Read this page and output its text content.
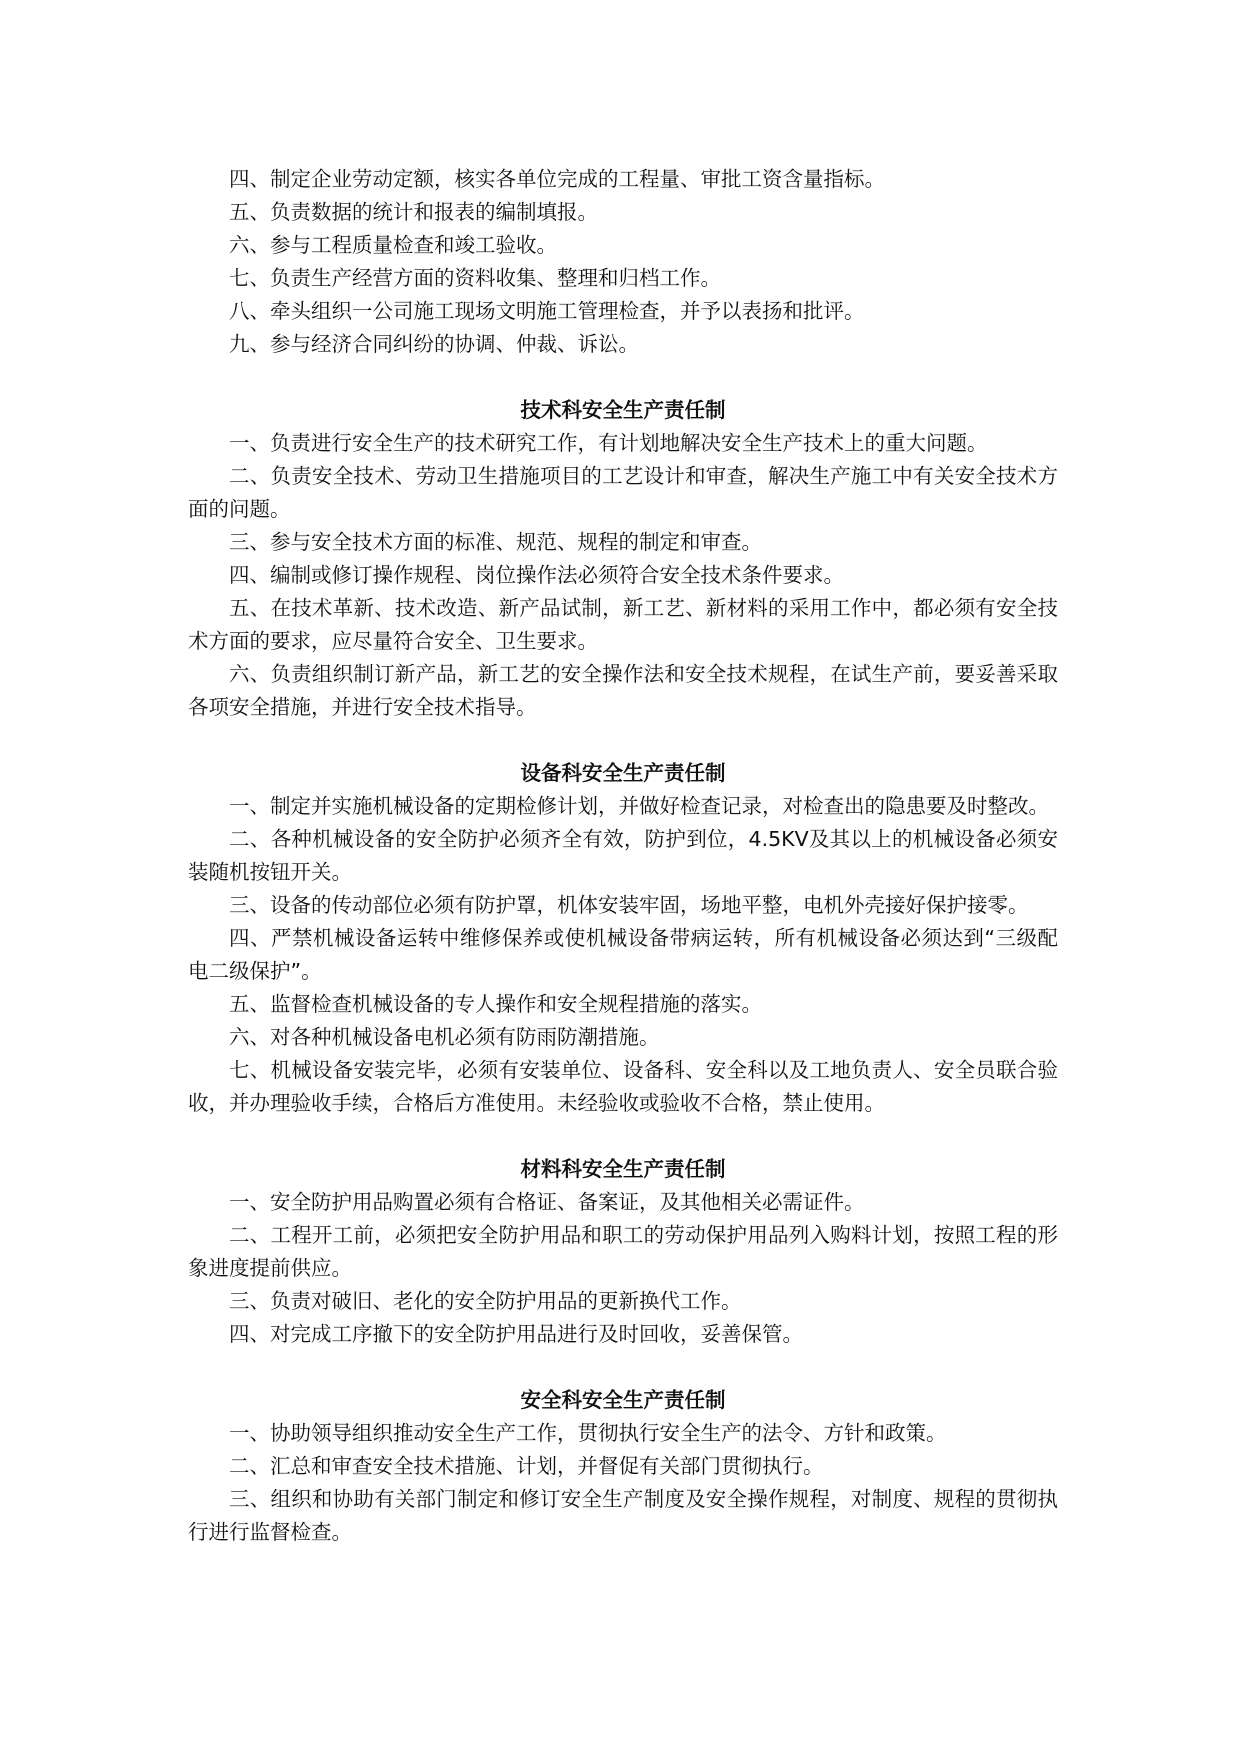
四、制定企业劳动定额，核实各单位完成的工程量、审批工资含量指标。

五、负责数据的统计和报表的编制填报。

六、参与工程质量检查和竣工验收。

七、负责生产经营方面的资料收集、整理和归档工作。

八、牵头组织一公司施工现场文明施工管理检查，并予以表扬和批评。

九、参与经济合同纠纷的协调、仲裁、诉讼。

技术科安全生产责任制

一、负责进行安全生产的技术研究工作，有计划地解决安全生产技术上的重大问题。

二、负责安全技术、劳动卫生措施项目的工艺设计和审查，解决生产施工中有关安全技术方面的问题。

三、参与安全技术方面的标准、规范、规程的制定和审查。

四、编制或修订操作规程、岗位操作法必须符合安全技术条件要求。

五、在技术革新、技术改造、新产品试制，新工艺、新材料的采用工作中，都必须有安全技术方面的要求，应尽量符合安全、卫生要求。

六、负责组织制订新产品，新工艺的安全操作法和安全技术规程，在试生产前，要妥善采取各项安全措施，并进行安全技术指导。

设备科安全生产责任制

一、制定并实施机械设备的定期检修计划，并做好检查记录，对检查出的隐患要及时整改。

二、各种机械设备的安全防护必须齐全有效，防护到位，4.5KV及其以上的机械设备必须安装随机按钮开关。

三、设备的传动部位必须有防护罩，机体安装牢固，场地平整，电机外壳接好保护接零。

四、严禁机械设备运转中维修保养或使机械设备带病运转，所有机械设备必须达到“三级配电二级保护”。

五、监督检查机械设备的专人操作和安全规程措施的落实。

六、对各种机械设备电机必须有防雨防潮措施。

七、机械设备安装完毕，必须有安装单位、设备科、安全科以及工地负责人、安全员联合验收，并办理验收手续，合格后方准使用。未经验收或验收不合格，禁止使用。

材料科安全生产责任制

一、安全防护用品购置必须有合格证、备案证，及其他相关必需证件。

二、工程开工前，必须把安全防护用品和职工的劳动保护用品列入购料计划，按照工程的形象进度提前供应。

三、负责对破旧、老化的安全防护用品的更新换代工作。

四、对完成工序撤下的安全防护用品进行及时回收，妥善保管。

安全科安全生产责任制

一、协助领导组织推动安全生产工作，贯彻执行安全生产的法令、方针和政策。

二、汇总和审查安全技术措施、计划，并督促有关部门贯彻执行。

三、组织和协助有关部门制定和修订安全生产制度及安全操作规程，对制度、规程的贯彻执行进行监督检查。
